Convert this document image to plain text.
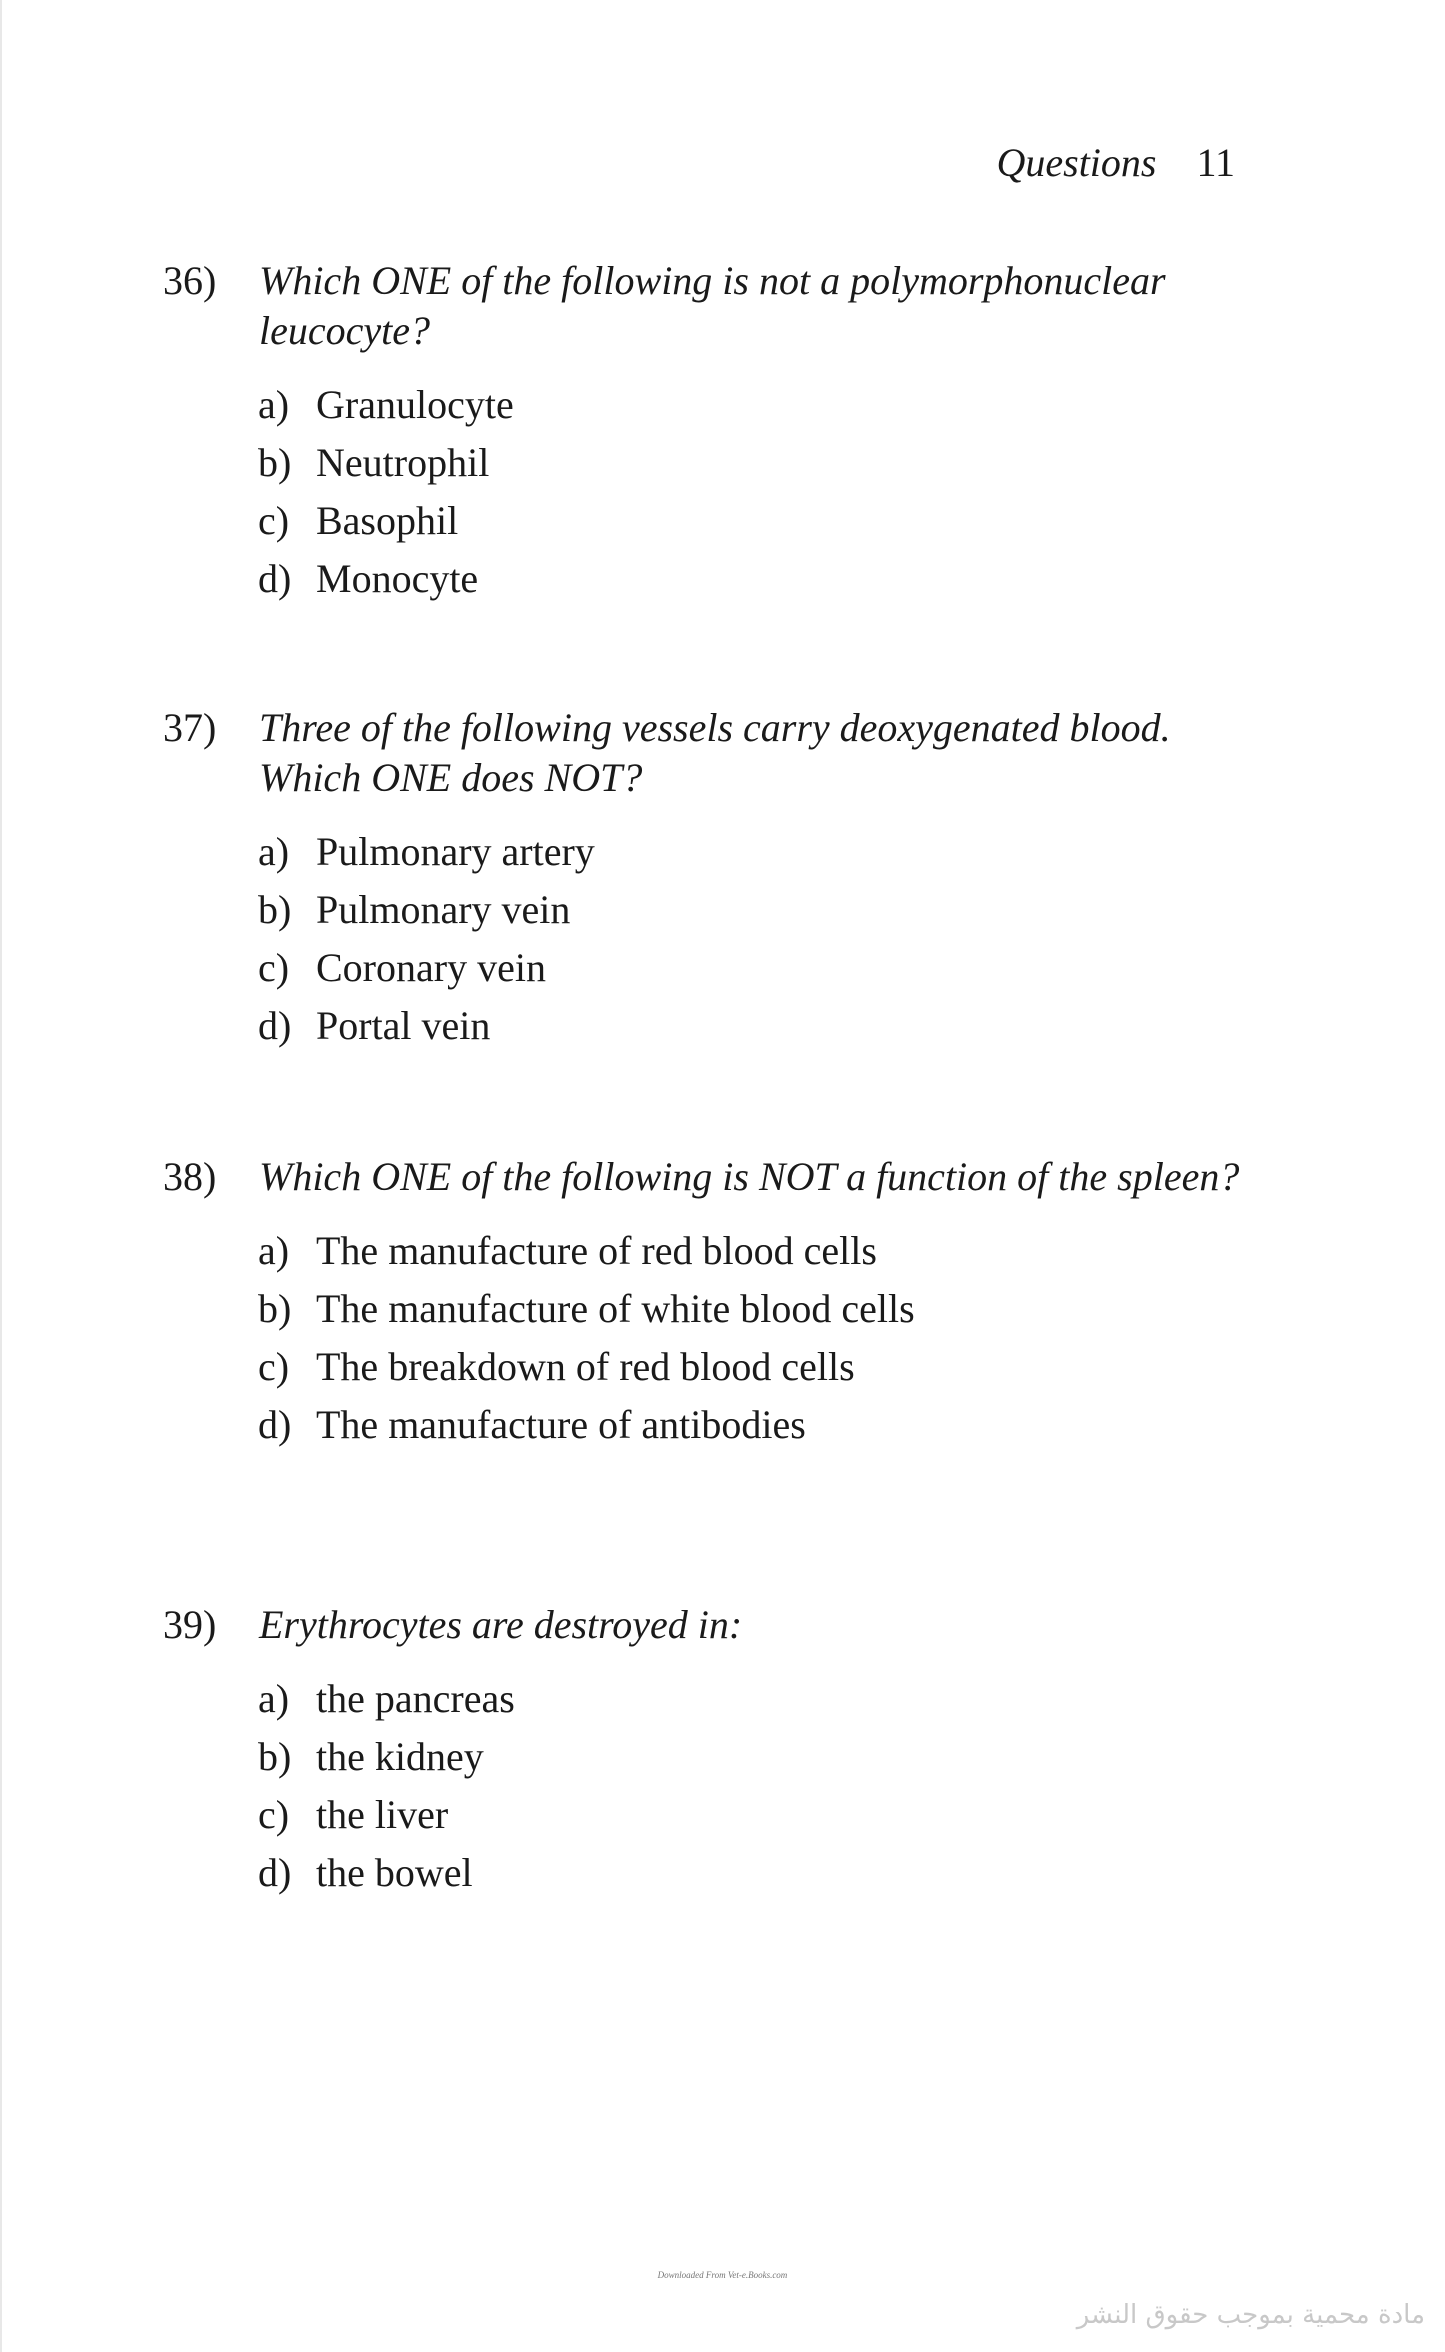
Questions 11
36)	Which ONE of the following is not a polymorphonuclear leucocyte?
a) Granulocyte
b) Neutrophil
c) Basophil
d) Monocyte
37)	Three of the following vessels carry deoxygenated blood. Which ONE does NOT?
a) Pulmonary artery
b) Pulmonary vein
c) Coronary vein
d) Portal vein
38)	Which ONE of the following is NOT a function of the spleen?
a) The manufacture of red blood cells
b) The manufacture of white blood cells
c) The breakdown of red blood cells
d) The manufacture of antibodies
39)	Erythrocytes are destroyed in:
a) the pancreas
b) the kidney
c) the liver
d) the bowel
Downloaded From Vet-e.Books.com
مادة محمية بموجب حقوق النشر
